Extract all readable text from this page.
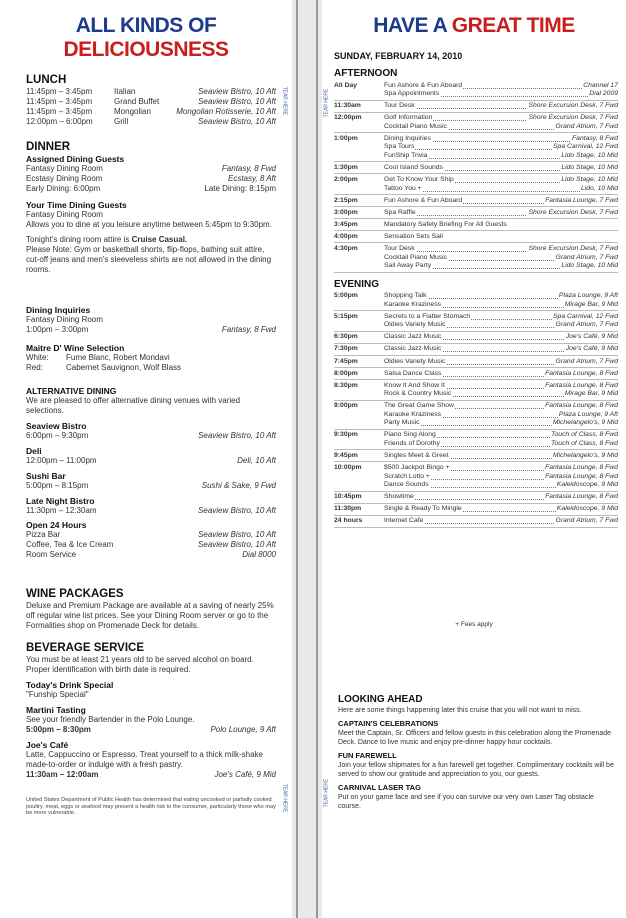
ALL KINDS OF
DELICIOUSNESS
LUNCH
11:45pm – 3:45pm	Italian	Seaview Bistro, 10 Aft
11:45pm – 3:45pm	Grand Buffet	Seaview Bistro, 10 Aft
11:45pm – 3:45pm	Mongolian	Mongolian Rotisserie, 10 Aft
12:00pm – 6:00pm	Grill	Seaview Bistro, 10 Aft
DINNER
Assigned Dining Guests
Fantasy Dining Room	Fantasy, 8 Fwd
Ecstasy Dining Room	Ecstasy, 8 Aft
Early Dining: 6:00pm	Late Dining: 8:15pm
Your Time Dining Guests
Fantasy Dining Room
Allows you to dine at you leisure anytime between 5:45pm to 9:30pm.
Tonight's dining room attire is Cruise Casual.
Please Note: Gym or basketball shorts, flip-flops, bathing suit attire, cut-off jeans and men's sleeveless shirts are not allowed in the dining rooms.
Dining Inquiries
Fantasy Dining Room
1:00pm – 3:00pm	Fantasy, 8 Fwd
Maitre D' Wine Selection
White: Fume Blanc, Robert Mondavi
Red:	Cabernet Sauvignon, Wolf Blass
ALTERNATIVE DINING
We are pleased to offer alternative dining venues with varied selections.
Seaview Bistro
6:00pm – 9:30pm	Seaview Bistro, 10 Aft
Deli
12:00pm – 11:00pm	Deli, 10 Aft
Sushi Bar
5:00pm – 8:15pm	Sushi & Sake, 9 Fwd
Late Night Bistro
11:30pm – 12:30am	Seaview Bistro, 10 Aft
Open 24 Hours
Pizza Bar	Seaview Bistro, 10 Aft
Coffee, Tea & Ice Cream	Seaview Bistro, 10 Aft
Room Service	Dial 8000
WINE PACKAGES
Deluxe and Premium Package are available at a saving of nearly 25% off regular wine list prices. See your Dining Room server or go to the Formalities shop on Promenade Deck for details.
BEVERAGE SERVICE
You must be at least 21 years old to be served alcohol on board. Proper identification with birth date is required.
Today's Drink Special
"Funship Special"
Martini Tasting
See your friendly Bartender in the Polo Lounge.
5:00pm – 8:30pm	Polo Lounge, 9 Aft
Joe's Café
Latte, Cappuccino or Espresso. Treat yourself to a thick milk-shake made-to-order or indulge with a fresh pastry.
11:30am – 12:00am	Joe's Café, 9 Mid
United States Department of Public Health has determined that eating uncooked or partially cooked poultry, meat, eggs or seafood may present a health risk to the consumer, particularly those who may be more vulnerable.
TEAR HERE
TEAR HERE
HAVE A GREAT TIME
SUNDAY, FEBRUARY 14, 2010
AFTERNOON
All Day	Fun Ashore & Fun Aboard	Channel 17
Spa Appointments	Dial 2009
11:30am	Tour Desk	Shore Excursion Desk, 7 Fwd
12:00pm	Golf Information	Shore Excursion Desk, 7 Fwd
Cocktail Piano Music	Grand Atrium, 7 Fwd
1:00pm	Dining Inquiries	Fantasy, 8 Fwd
Spa Tours	Spa Carnival, 12 Fwd
FunShip Trivia	Lido Stage, 10 Mid
1:30pm	Cool Island Sounds	Lido Stage, 10 Mid
2:00pm	Get To Know Your Ship	Lido Stage, 10 Mid
Tattoo You +	Lido, 10 Mid
2:15pm	Fun Ashore & Fun Aboard	Fantasia Lounge, 7 Fwd
3:00pm	Spa Raffle	Shore Excursion Desk, 7 Fwd
3:45pm	Mandatory Safety Briefing For All Guests
4:00pm	Sensation Sets Sail
4:30pm	Tour Desk	Shore Excursion Desk, 7 Fwd
Cocktail Piano Music	Grand Atrium, 7 Fwd
Sail Away Party	Lido Stage, 10 Mid
EVENING
5:00pm	Shopping Talk	Plaza Lounge, 9 Aft
Karaoke Kraziness	Mirage Bar, 9 Mid
5:15pm	Secrets to a Flatter Stomach	Spa Carnival, 12 Fwd
Oldies Variety Music	Grand Atrium, 7 Fwd
6:30pm	Classic Jazz Music	Joe's Café, 9 Mid
7:30pm	Classic Jazz Music	Joe's Café, 9 Mid
7:45pm	Oldies Variety Music	Grand Atrium, 7 Fwd
8:00pm	Salsa Dance Class	Fantasia Lounge, 8 Fwd
8:30pm	Know It And Show It	Fantasia Lounge, 8 Fwd
Rock & Country Music	Mirage Bar, 9 Mid
9:00pm	The Great Game Show	Fantasia Lounge, 8 Fwd
Karaoke Kraziness	Plaza Lounge, 9 Aft
Party Music	Michelangelo's, 9 Mid
9:30pm	Piano Sing Along	Touch of Class, 8 Fwd
Friends of Dorothy	Touch of Class, 8 Fwd
9:45pm	Singles Meet & Greet	Michelangelo's, 9 Mid
10:00pm	$500 Jackpot Bingo +	Fantasia Lounge, 8 Fwd
Scratch Lotto +	Fantasia Lounge, 8 Fwd
Dance Sounds	Kaleidoscope, 9 Mid
10:45pm	Showtime	Fantasia Lounge, 8 Fwd
11:30pm	Single & Ready To Mingle	Kaleidoscope, 9 Mid
24 hours	Internet Cafe	Grand Atrium, 7 Fwd
+ Fees apply
LOOKING AHEAD
Here are some things happening later this cruise that you will not want to miss.
CAPTAIN'S CELEBRATIONS
Meet the Captain, Sr. Officers and fellow guests in this celebration along the Promenade Deck. Dance to live music and enjoy pre-dinner happy hour cocktails.
FUN FAREWELL
Join your fellow shipmates for a fun farewell get together. Complimentary cocktails will be served to show our gratitude and appreciation to you, our guests.
CARNIVAL LASER TAG
Put on your game face and see if you can survive our very own Laser Tag obstacle course.
TEAR HERE
TEAR HERE
